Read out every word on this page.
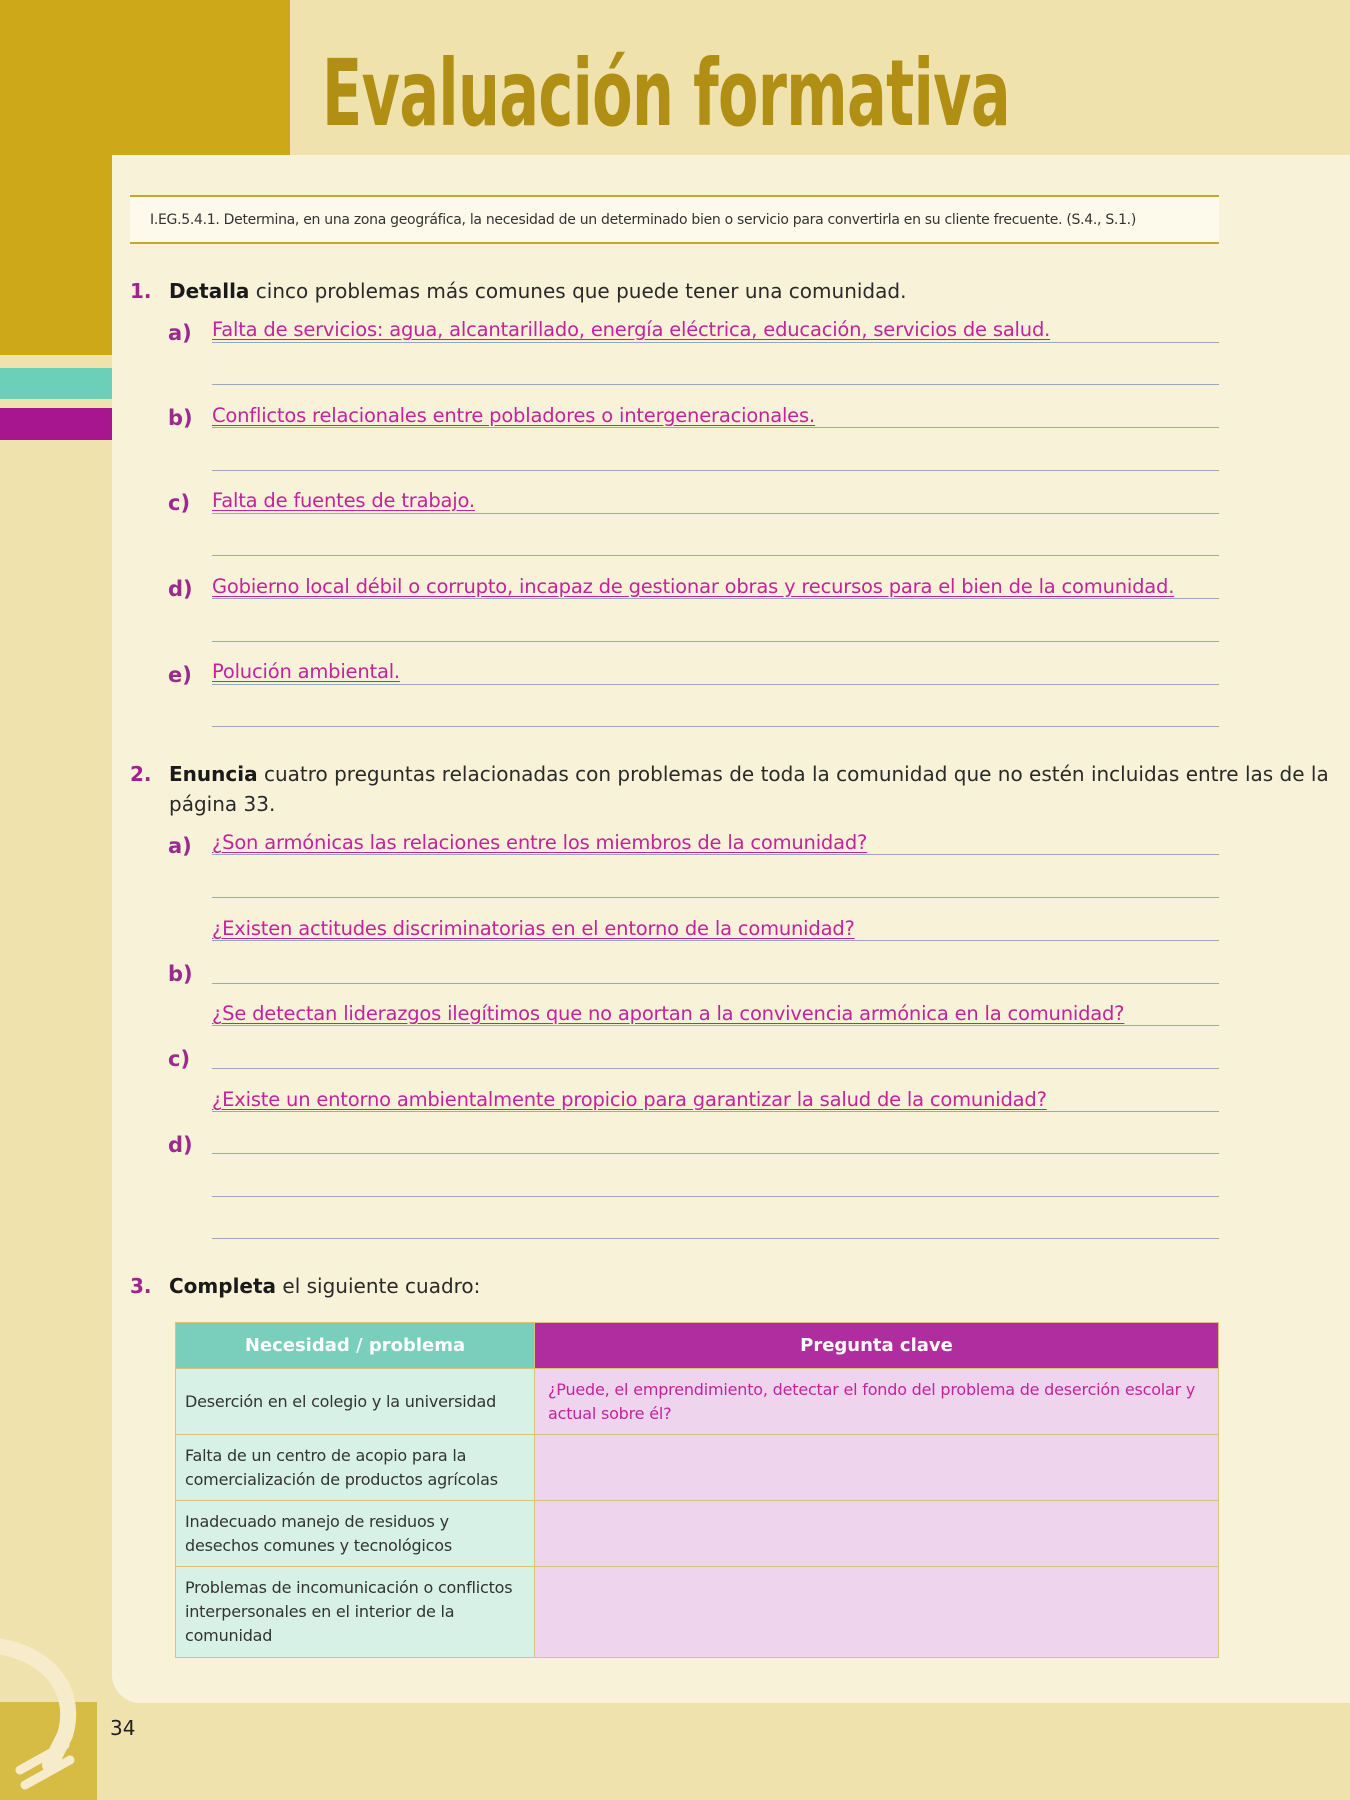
Evaluación formativa
I.EG.5.4.1. Determina, en una zona geográfica, la necesidad de un determinado bien o servicio para convertirla en su cliente frecuente. (S.4., S.1.)
1. Detalla cinco problemas más comunes que puede tener una comunidad.
a) Falta de servicios: agua, alcantarillado, energía eléctrica, educación, servicios de salud.
b) Conflictos relacionales entre pobladores o intergeneracionales.
c) Falta de fuentes de trabajo.
d) Gobierno local débil o corrupto, incapaz de gestionar obras y recursos para el bien de la comunidad.
e) Polución ambiental.
2. Enuncia cuatro preguntas relacionadas con problemas de toda la comunidad que no estén incluidas entre las de la
página 33.
a) ¿Son armónicas las relaciones entre los miembros de la comunidad?
¿Existen actitudes discriminatorias en el entorno de la comunidad?
b)
¿Se detectan liderazgos ilegítimos que no aportan a la convivencia armónica en la comunidad?
c)
¿Existe un entorno ambientalmente propicio para garantizar la salud de la comunidad?
d)
3. Completa el siguiente cuadro:
Necesidad / problema	Pregunta clave
Deserción en el colegio y la universidad	¿Puede, el emprendimiento, detectar el fondo del problema de deserción escolar y actual sobre él?
Falta de un centro de acopio para la comercialización de productos agrícolas	
Inadecuado manejo de residuos y desechos comunes y tecnológicos	
Problemas de incomunicación o conflictos interpersonales en el interior de la comunidad	
34
